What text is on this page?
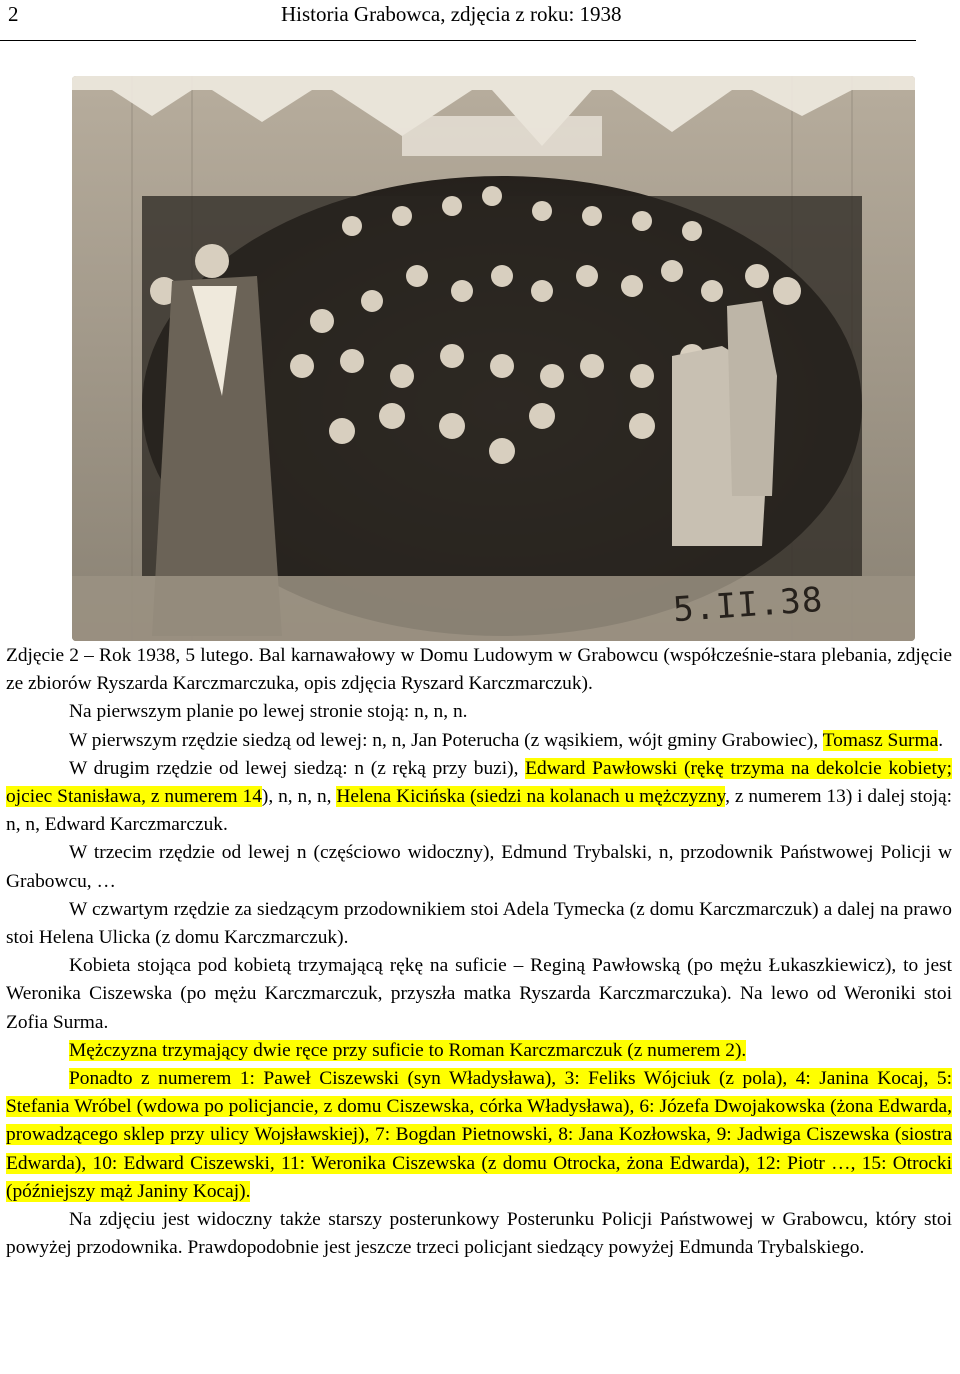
2	Historia Grabowca, zdjęcia z roku: 1938
5.II.38

Zdjęcie 2 – Rok 1938, 5 lutego. Bal karnawałowy w Domu Ludowym w Grabowcu (współcześnie-stara plebania, zdjęcie ze zbiorów Ryszarda Karczmarczuka, opis zdjęcia Ryszard Karczmarczuk).

Na pierwszym planie po lewej stronie stoją: n, n, n.

W pierwszym rzędzie siedzą od lewej: n, n, Jan Poterucha (z wąsikiem, wójt gminy Grabowiec), Tomasz Surma.

W drugim rzędzie od lewej siedzą: n (z ręką przy buzi), Edward Pawłowski (rękę trzyma na dekolcie kobiety; ojciec Stanisława, z numerem 14), n, n, n, Helena Kicińska (siedzi na kolanach u mężczyzny, z numerem 13) i dalej stoją: n, n, Edward Karczmarczuk.

W trzecim rzędzie od lewej n (częściowo widoczny), Edmund Trybalski, n, przodownik Państwowej Policji w Grabowcu, …

W czwartym rzędzie za siedzącym przodownikiem stoi Adela Tymecka (z domu Karczmarczuk) a dalej na prawo stoi Helena Ulicka (z domu Karczmarczuk).

Kobieta stojąca pod kobietą trzymającą rękę na suficie – Reginą Pawłowską (po mężu Łukaszkiewicz), to jest Weronika Ciszewska (po mężu Karczmarczuk, przyszła matka Ryszarda Karczmarczuka). Na lewo od Weroniki stoi Zofia Surma.

Mężczyzna trzymający dwie ręce przy suficie to Roman Karczmarczuk (z numerem 2).

Ponadto z numerem 1: Paweł Ciszewski (syn Władysława), 3: Feliks Wójciuk (z pola), 4: Janina Kocaj, 5: Stefania Wróbel (wdowa po policjancie, z domu Ciszewska, córka Władysława), 6: Józefa Dwojakowska (żona Edwarda, prowadzącego sklep przy ulicy Wojsławskiej), 7: Bogdan Pietnowski, 8: Jana Kozłowska, 9: Jadwiga Ciszewska (siostra Edwarda), 10: Edward Ciszewski, 11: Weronika Ciszewska (z domu Otrocka, żona Edwarda), 12: Piotr …, 15: Otrocki (późniejszy mąż Janiny Kocaj).

Na zdjęciu jest widoczny także starszy posterunkowy Posterunku Policji Państwowej w Grabowcu, który stoi powyżej przodownika. Prawdopodobnie jest jeszcze trzeci policjant siedzący powyżej Edmunda Trybalskiego.
